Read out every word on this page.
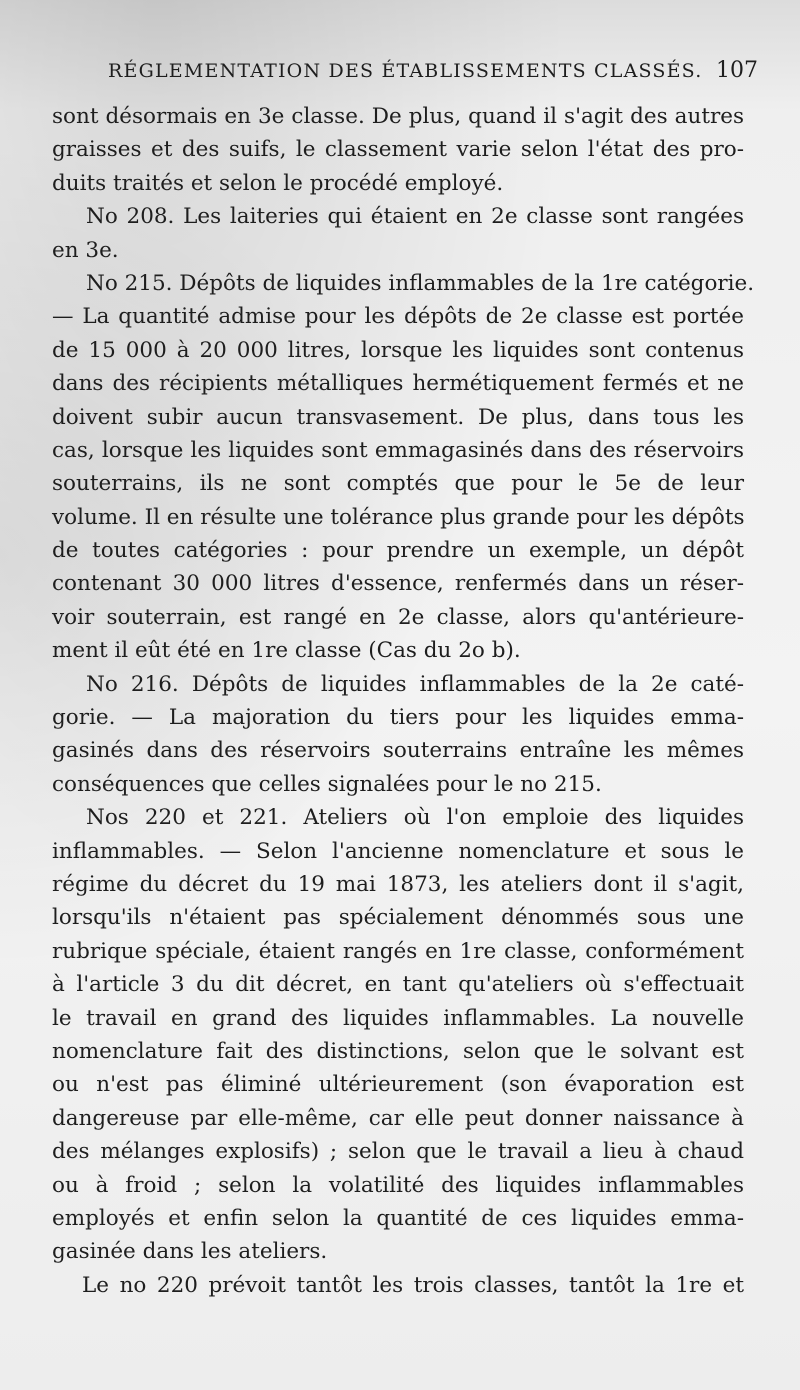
RÉGLEMENTATION DES ÉTABLISSEMENTS CLASSÉS. 107
sont désormais en 3e classe. De plus, quand il s'agit des autres
graisses et des suifs, le classement varie selon l'état des pro-
duits traités et selon le procédé employé.
No 208. Les laiteries qui étaient en 2e classe sont rangées
en 3e.
No 215. Dépôts de liquides inflammables de la 1re catégorie.
— La quantité admise pour les dépôts de 2e classe est portée
de 15 000 à 20 000 litres, lorsque les liquides sont contenus
dans des récipients métalliques hermétiquement fermés et ne
doivent subir aucun transvasement. De plus, dans tous les
cas, lorsque les liquides sont emmagasinés dans des réservoirs
souterrains, ils ne sont comptés que pour le 5e de leur
volume. Il en résulte une tolérance plus grande pour les dépôts
de toutes catégories : pour prendre un exemple, un dépôt
contenant 30 000 litres d'essence, renfermés dans un réser-
voir souterrain, est rangé en 2e classe, alors qu'antérieure-
ment il eût été en 1re classe (Cas du 2o b).
No 216. Dépôts de liquides inflammables de la 2e caté-
gorie. — La majoration du tiers pour les liquides emma-
gasinés dans des réservoirs souterrains entraîne les mêmes
conséquences que celles signalées pour le no 215.
Nos 220 et 221. Ateliers où l'on emploie des liquides
inflammables. — Selon l'ancienne nomenclature et sous le
régime du décret du 19 mai 1873, les ateliers dont il s'agit,
lorsqu'ils n'étaient pas spécialement dénommés sous une
rubrique spéciale, étaient rangés en 1re classe, conformément
à l'article 3 du dit décret, en tant qu'ateliers où s'effectuait
le travail en grand des liquides inflammables. La nouvelle
nomenclature fait des distinctions, selon que le solvant est
ou n'est pas éliminé ultérieurement (son évaporation est
dangereuse par elle-même, car elle peut donner naissance à
des mélanges explosifs) ; selon que le travail a lieu à chaud
ou à froid ; selon la volatilité des liquides inflammables
employés et enfin selon la quantité de ces liquides emma-
gasinée dans les ateliers.
Le no 220 prévoit tantôt les trois classes, tantôt la 1re et
